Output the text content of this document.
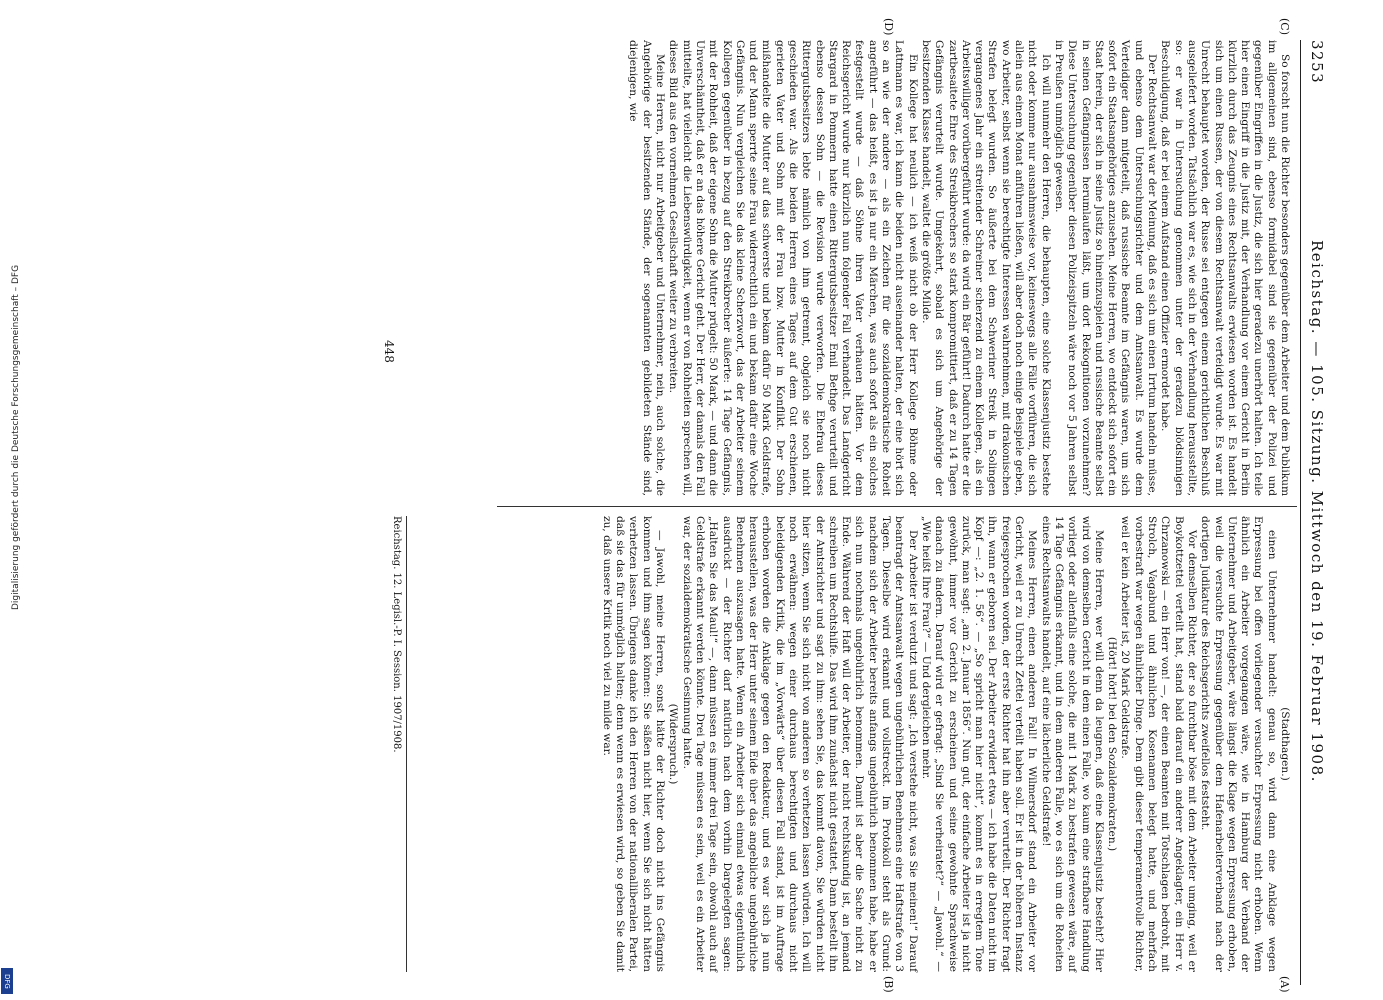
3253
Reichstag. — 105. Sitzung. Mittwoch den 19. Februar 1908.
(C)
(D)
(A)
(B)

So forscht nun die Richter besonders gegenüber dem Arbeiter und dem Publikum im allgemeinen sind, ebenso formidabel sind sie gegenüber der Polizei und gegenüber Eingriffen in die Justiz, die sich hier geradezu unerhört halten. Ich teile hier einen Eingriff in die Justiz mit, der Verhandlung vor einem Gericht in Berlin kürzlich durch das Zeugnis eines Rechtsanwalts erwiesen worden ist. Es handelt sich um einen Russen, der von diesem Rechtsanwalt verteidigt wurde. Es war mit Unrecht behauptet worden, der Russe sei entgegen einem gerichtlichen Beschluß ausgeliefert worden. Tatsächlich war es, wie sich in der Verhandlung herausstellte, so: er war in Untersuchung genommen unter der geradezu blödsinnigen Beschuldigung, daß er bei einem Aufstand einen Offizier ermordet habe.

Der Rechtsanwalt war der Meinung, daß es sich um einen Irrtum handeln müsse, und ebenso dem Untersuchungsrichter und dem Amtsanwalt. Es wurde dem Verteidiger dann mitgeteilt, daß russische Beamte im Gefängnis waren, um sich sofort ein Staatsangehöriges anzusehen. Meine Herren, wo entdeckt sich sofort ein Staat herein, der sich in seine Justiz so hineinzuspielen und russische Beamte selbst in seinen Gefängnissen herumlaufen läßt, um dort Rekognitionen vorzunehmen? Diese Untersuchung gegenüber diesen Polizeispitzeln wäre noch vor 5 Jahren selbst in Preußen unmöglich gewesen.

Ich will nunmehr den Herren, die behaupten, eine solche Klassenjustiz bestehe nicht oder komme nur ausnahmsweise vor, keineswegs alle Fälle vorführen, die sich allein aus einem Monat anführen ließen, will aber doch noch einige Beispiele geben, wo Arbeiter, selbst wenn sie berechtigte Interessen wahrnehmen, mit drakonischen Strafen belegt wurden. So äußerte bei dem Schweriner Streik in Solingen vergangenes Jahr ein streitender Schreiner scherzend zu einem Kollegen, als ein Arbeitswilliger vorübergeführt wurde: da wird ein Bär geführt! Dadurch hatte er die zartbesaitete Ehre des Streikbrechers so stark kompromittiert, daß er zu 14 Tagen Gefängnis verurteilt wurde. Umgekehrt, sobald es sich um Angehörige der besitzenden Klasse handelt, waltet die größte Milde.

Ein Kollege hat neulich — ich weiß nicht ob der Herr Kollege Böhme oder Lattmann es war, ich kann die beiden nicht auseinander halten, der eine hört sich so an wie der andere — als ein Zeichen für die sozialdemokratische Roheit angeführt — das heißt, es ist ja nur ein Märchen, was auch sofort als ein solches festgestellt wurde — daß Söhne ihren Vater verhauen hätten. Vor dem Reichsgericht wurde nur kürzlich nun folgender Fall verhandelt. Das Landgericht Stargard in Pommern hatte einen Rittergutsbesitzer Emil Bethge verurteilt und ebenso dessen Sohn — die Revision wurde verworfen. Die Ehefrau dieses Rittergutsbesitzers lebte nämlich von ihm getrennt, obgleich sie noch nicht geschieden war. Als die beiden Herren eines Tages auf dem Gut erschienen, gerieten Vater und Sohn mit der Frau bzw. Mutter in Konflikt. Der Sohn mißhandelte die Mutter auf das schwerste und bekam dafür 50 Mark Geldstrafe, und der Mann sperrte seine Frau widerrechtlich ein und bekam dafür eine Woche Gefängnis. Nun vergleichen Sie das kleine Scherzwort, das der Arbeiter seinem Kollegen gegenüber in bezug auf den Streikbrecher äußerte: 14 Tage Gefängnis, mit der Rohheit, daß der eigene Sohn die Mutter prügelt: 50 Mark, — und dann die Unverschämtheit, daß er an das höhere Gericht geht. Der Herr, der damals den Fall mitteilte, hat vielleicht die Liebenswürdigkeit, wenn er von Rohheiten sprechen will, dieses Bild aus den vornehmen Gesellschaft weiter zu verbreiten.

Meine Herren, nicht nur Arbeitgeber und Unternehmer, nein, auch solche, die Angehörige der besitzenden Stände, der sogenannten gebildeten Stände sind, diejenigen, wie

(Stadthagen.)

einen Unternehmer handelt: genau so, wird dann eine Anklage wegen Erpressung bei offen vorliegender versuchter Erpressung nicht erhoben. Wenn ähnlich ein Arbeiter vorgegangen wäre, wie in Hamburg der Verband der Unternehmer und Arbeitgeber, wäre längst die Klage wegen Erpressung erhoben, weil die versuchte Erpressung gegenüber dem Hafenarbeiterverband nach der dortigen Judikatur des Reichsgerichts zweifellos feststeht.

Vor demselben Richter, der so furchtbar böse mit dem Arbeiter umging, weil er Boykottzettel verteilt hat, stand bald darauf ein anderer Angeklagter, ein Herr v. Chrzanowski — ein Herr von! —, der einen Beamten mit Totschlagen bedroht, mit Strolch, Vagabund und ähnlichen Kosenamen belegt hatte, und mehrfach vorbestraft war wegen ähnlicher Dinge. Dem gibt dieser temperamentvolle Richter, weil er kein Arbeiter ist, 20 Mark Geldstrafe.

(Hört! hört! bei den Sozialdemokraten.)

Meine Herren, wer will denn da leugnen, daß eine Klassenjustiz besteht? Hier wird von demselben Gericht in dem einen Falle, wo kaum eine strafbare Handlung vorliegt oder allenfalls eine solche, die mit 1 Mark zu bestrafen gewesen wäre, auf 14 Tage Gefängnis erkannt, und in dem anderen Falle, wo es sich um die Roheiten eines Rechtsanwalts handelt, auf eine lächerliche Geldstrafe!

Meines Herren, einen anderen Fall! In Wilmersdorf stand ein Arbeiter vor Gericht, weil er zu Unrecht Zettel verteilt haben soll. Er ist in der höheren Instanz freigesprochen worden, der erste Richter hat ihn aber verurteilt. Der Richter fragt ihn, wann er geboren sei. Der Arbeiter erwidert etwa — ich habe die Daten nicht im Kopf —: „2. 1. 56“. — „So spricht man hier nicht“, kommt es in erregtem Tone zurück, man sagt: „am 2. Januar 1856“. Nun gut, der einfache Arbeiter ist ja nicht gewöhnt, immer vor Gericht zu erscheinen und seine gewohnte Sprachweise danach zu ändern. Darauf wird er gefragt: „Sind Sie verheiratet?“ — „Jawohl.“ — „Wie heißt Ihre Frau?“ — Und dergleichen mehr.

Der Arbeiter ist verdutzt und sagt: „Ich verstehe nicht, was Sie meinen!“ Darauf beantragt der Amtsanwalt wegen ungebührlichen Benehmens eine Haftstrafe von 3 Tagen. Dieselbe wird erkannt und vollstreckt. Im Protokoll steht als Grund: nachdem sich der Arbeiter bereits anfangs ungebührlich benommen habe, habe er sich nun nochmals ungebührlich benommen. Damit ist aber die Sache nicht zu Ende. Während der Haft will der Arbeiter, der nicht rechtskundig ist, an jemand schreiben um Rechtshilfe. Das wird ihm zunächst nicht gestattet. Dann bestellt ihn der Amtsrichter und sagt zu ihm: sehen Sie, das kommt davon, Sie würden nicht hier sitzen, wenn Sie sich nicht von anderen so verhetzen lassen würden. Ich will noch erwähnen: wegen einer durchaus berechtigten und durchaus nicht beleidigenden Kritik, die im „Vorwärts“ über diesen Fall stand, ist im Auftrage erhoben worden die Anklage gegen den Redakteur, und es war sich ja nun herausstellen, was der Herr unter seinem Eide über das angebliche ungebührliche Benehmen auszusagen hatte. Wenn ein Arbeiter sich einmal etwas eigentümlich ausdrückt — der Richter darf natürlich nach dem vorhin Dargelegten sagen: „Halten Sie das Maul!“ —, dann müssen es immer drei Tage sein, obwohl auch auf Geldstrafe erkannt werden könnte. Drei Tage müssen es sein, weil es ein Arbeiter war, der sozialdemokratische Gesinnung hatte.

(Widerspruch.)

— Jawohl, meine Herren, sonst hätte der Richter doch nicht ins Gefängnis kommen und ihm sagen können: Sie säßen nicht hier, wenn Sie sich nicht hätten verhetzen lassen. Übrigens danke ich den Herren von der nationalliberalen Partei, daß sie das für unmöglich halten; denn wenn es erwiesen wird, so geben Sie damit zu, daß unsere Kritik noch viel zu milde war.

Reichstag. 12. Legisl.-P. I. Session. 1907/1908.
448
Digitalisierung gefördert durch die Deutsche Forschungsgemeinschaft – DFG
DFG
